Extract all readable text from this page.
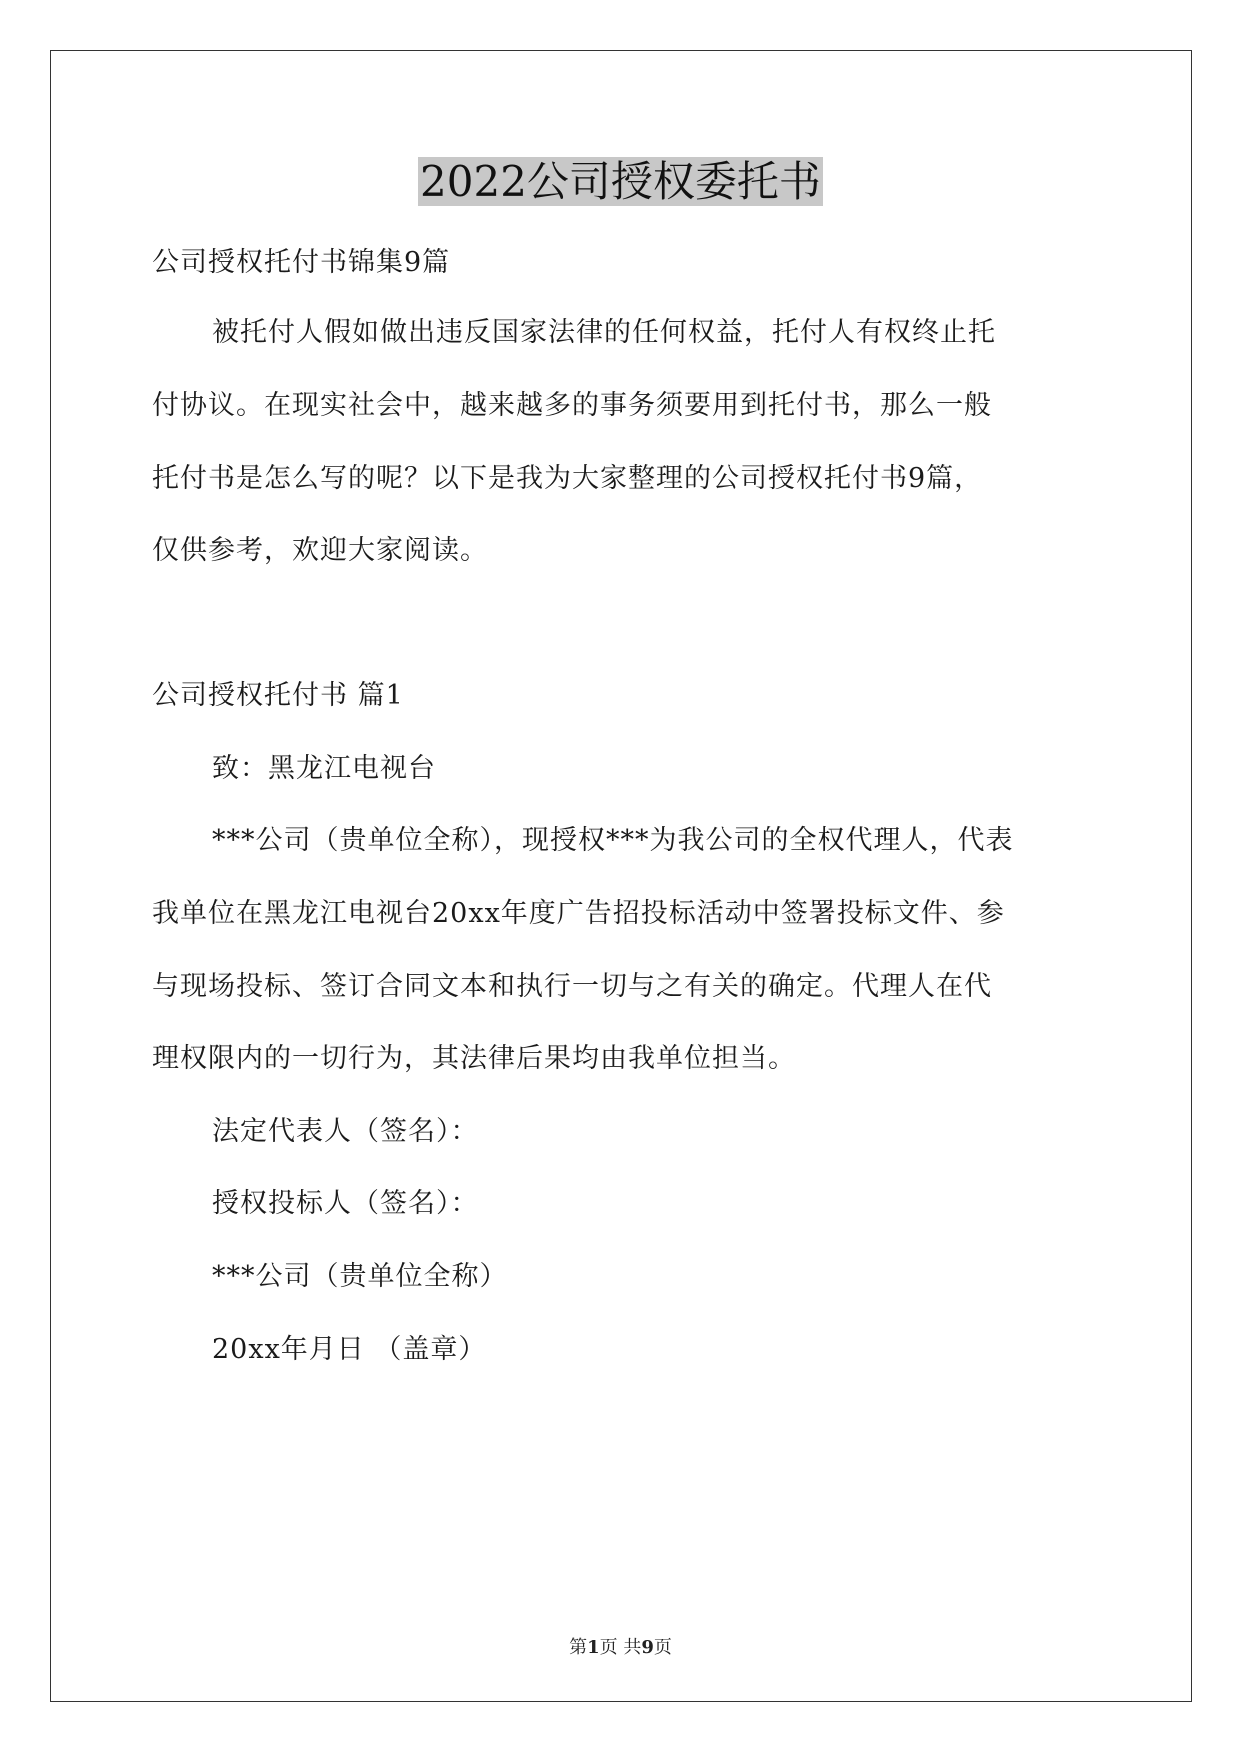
2022公司授权委托书
公司授权托付书锦集9篇
被托付人假如做出违反国家法律的任何权益，托付人有权终止托
付协议。在现实社会中，越来越多的事务须要用到托付书，那么一般
托付书是怎么写的呢？以下是我为大家整理的公司授权托付书9篇，
仅供参考，欢迎大家阅读。
公司授权托付书 篇1
致：黑龙江电视台
***公司（贵单位全称），现授权***为我公司的全权代理人，代表
我单位在黑龙江电视台20xx年度广告招投标活动中签署投标文件、参
与现场投标、签订合同文本和执行一切与之有关的确定。代理人在代
理权限内的一切行为，其法律后果均由我单位担当。
法定代表人（签名）：
授权投标人（签名）：
***公司（贵单位全称）
20xx年月日 （盖章）
第1页 共9页
